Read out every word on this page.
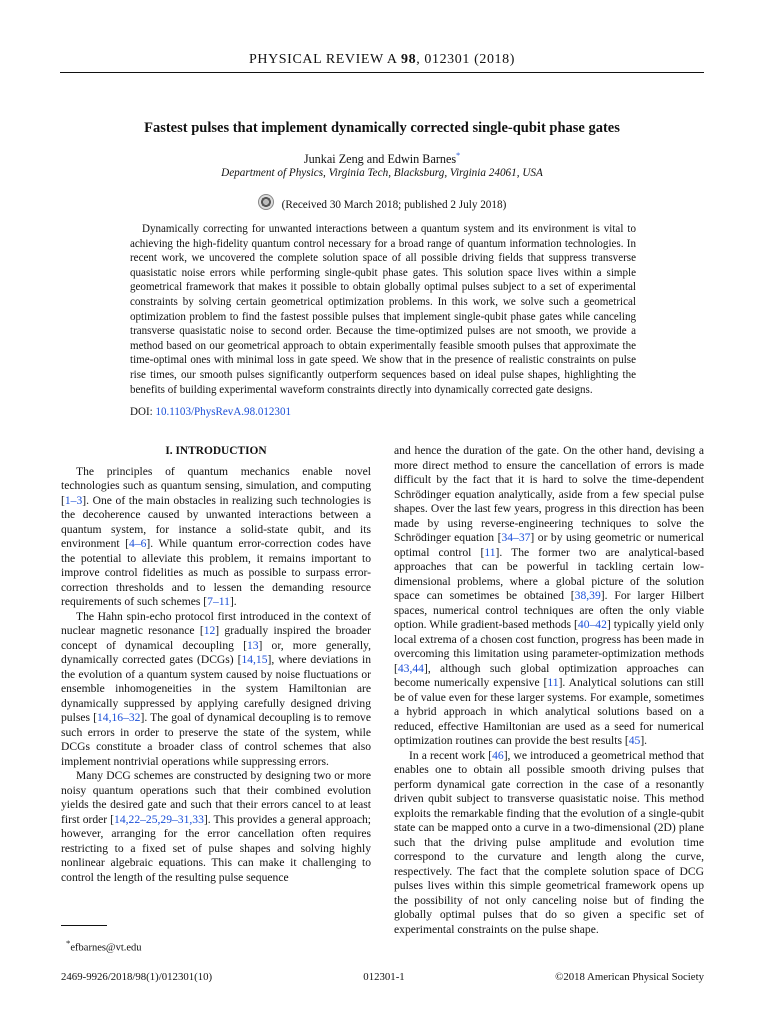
PHYSICAL REVIEW A 98, 012301 (2018)
Fastest pulses that implement dynamically corrected single-qubit phase gates
Junkai Zeng and Edwin Barnes*
Department of Physics, Virginia Tech, Blacksburg, Virginia 24061, USA
(Received 30 March 2018; published 2 July 2018)

Dynamically correcting for unwanted interactions between a quantum system and its environment is vital to achieving the high-fidelity quantum control necessary for a broad range of quantum information technologies. In recent work, we uncovered the complete solution space of all possible driving fields that suppress transverse quasistatic noise errors while performing single-qubit phase gates. This solution space lives within a simple geometrical framework that makes it possible to obtain globally optimal pulses subject to a set of experimental constraints by solving certain geometrical optimization problems. In this work, we solve such a geometrical optimization problem to find the fastest possible pulses that implement single-qubit phase gates while canceling transverse quasistatic noise to second order. Because the time-optimized pulses are not smooth, we provide a method based on our geometrical approach to obtain experimentally feasible smooth pulses that approximate the time-optimal ones with minimal loss in gate speed. We show that in the presence of realistic constraints on pulse rise times, our smooth pulses significantly outperform sequences based on ideal pulse shapes, highlighting the benefits of building experimental waveform constraints directly into dynamically corrected gate designs.

DOI: 10.1103/PhysRevA.98.012301
I. INTRODUCTION

The principles of quantum mechanics enable novel technologies such as quantum sensing, simulation, and computing [1–3]. One of the main obstacles in realizing such technologies is the decoherence caused by unwanted interactions between a quantum system, for instance a solid-state qubit, and its environment [4–6]. While quantum error-correction codes have the potential to alleviate this problem, it remains important to improve control fidelities as much as possible to surpass error-correction thresholds and to lessen the demanding resource requirements of such schemes [7–11].

The Hahn spin-echo protocol first introduced in the context of nuclear magnetic resonance [12] gradually inspired the broader concept of dynamical decoupling [13] or, more generally, dynamically corrected gates (DCGs) [14,15], where deviations in the evolution of a quantum system caused by noise fluctuations or ensemble inhomogeneities in the system Hamiltonian are dynamically suppressed by applying carefully designed driving pulses [14,16–32]. The goal of dynamical decoupling is to remove such errors in order to preserve the state of the system, while DCGs constitute a broader class of control schemes that also implement nontrivial operations while suppressing errors.

Many DCG schemes are constructed by designing two or more noisy quantum operations such that their combined evolution yields the desired gate and such that their errors cancel to at least first order [14,22–25,29–31,33]. This provides a general approach; however, arranging for the error cancellation often requires restricting to a fixed set of pulse shapes and solving highly nonlinear algebraic equations. This can make it challenging to control the length of the resulting pulse sequence

and hence the duration of the gate. On the other hand, devising a more direct method to ensure the cancellation of errors is made difficult by the fact that it is hard to solve the time-dependent Schrödinger equation analytically, aside from a few special pulse shapes. Over the last few years, progress in this direction has been made by using reverse-engineering techniques to solve the Schrödinger equation [34–37] or by using geometric or numerical optimal control [11]. The former two are analytical-based approaches that can be powerful in tackling certain low-dimensional problems, where a global picture of the solution space can sometimes be obtained [38,39]. For larger Hilbert spaces, numerical control techniques are often the only viable option. While gradient-based methods [40–42] typically yield only local extrema of a chosen cost function, progress has been made in overcoming this limitation using parameter-optimization methods [43,44], although such global optimization approaches can become numerically expensive [11]. Analytical solutions can still be of value even for these larger systems. For example, sometimes a hybrid approach in which analytical solutions based on a reduced, effective Hamiltonian are used as a seed for numerical optimization routines can provide the best results [45].

In a recent work [46], we introduced a geometrical method that enables one to obtain all possible smooth driving pulses that perform dynamical gate correction in the case of a resonantly driven qubit subject to transverse quasistatic noise. This method exploits the remarkable finding that the evolution of a single-qubit state can be mapped onto a curve in a two-dimensional (2D) plane such that the driving pulse amplitude and evolution time correspond to the curvature and length along the curve, respectively. The fact that the complete solution space of DCG pulses lives within this simple geometrical framework opens up the possibility of not only canceling noise but of finding the globally optimal pulses that do so given a specific set of experimental constraints on the pulse shape.

*efbarnes@vt.edu
2469-9926/2018/98(1)/012301(10)	012301-1	©2018 American Physical Society
